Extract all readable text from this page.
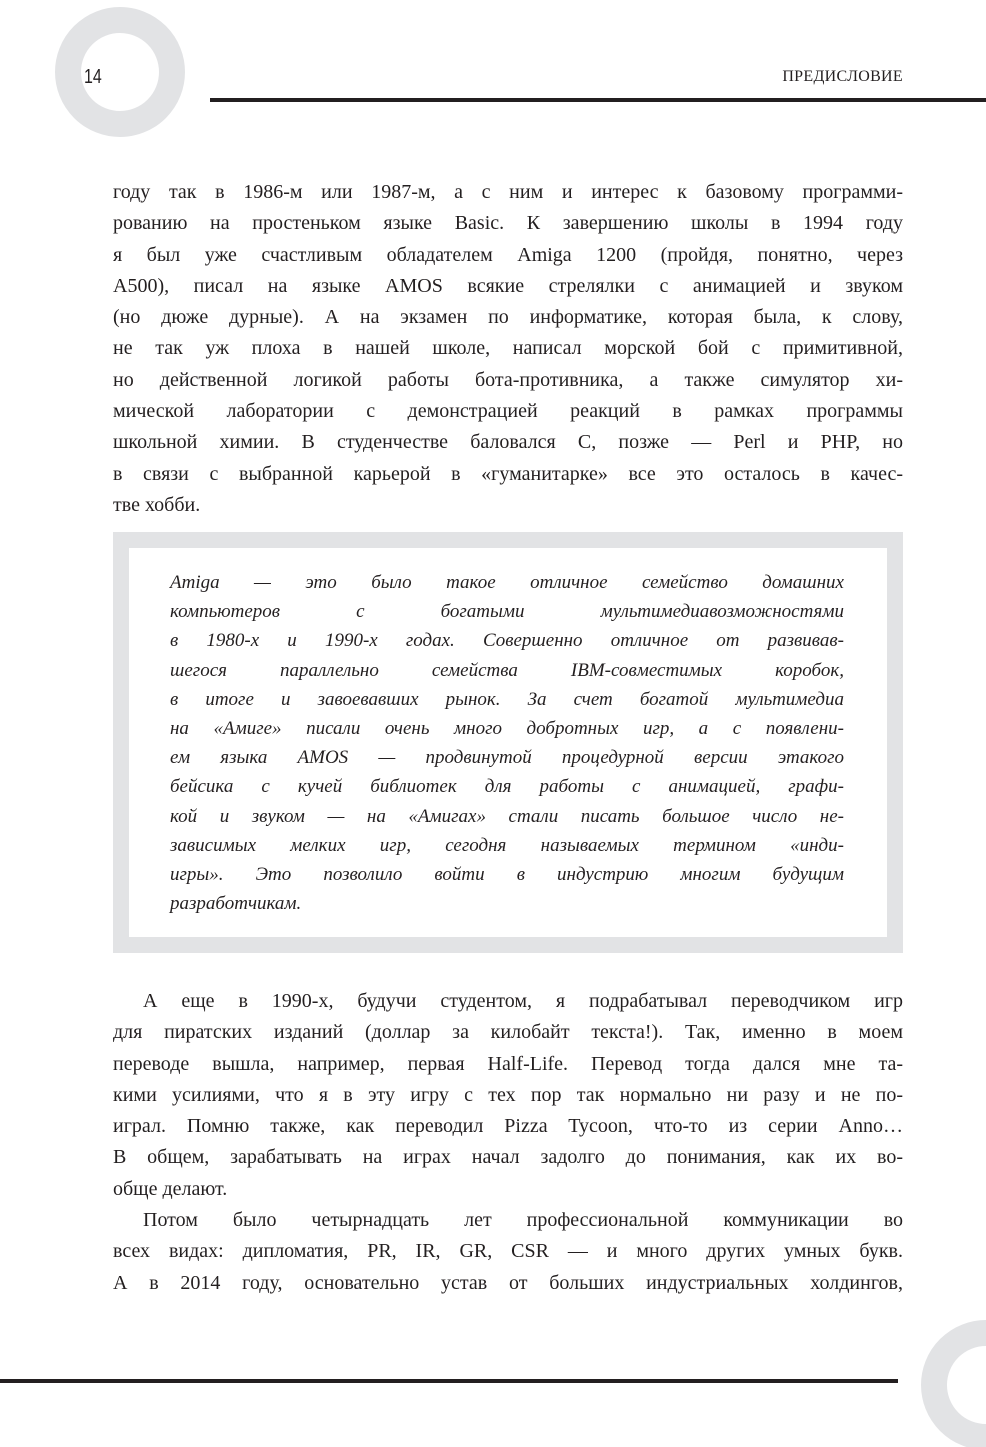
14	ПРЕДИСЛОВИЕ
году так в 1986-м или 1987-м, а с ним и интерес к базовому программи-
рованию на простеньком языке Basic. К завершению школы в 1994 году
я был уже счастливым обладателем Amiga 1200 (пройдя, понятно, через
A500), писал на языке AMOS всякие стрелялки с анимацией и звуком
(но дюже дурные). А на экзамен по информатике, которая была, к слову,
не так уж плоха в нашей школе, написал морской бой с примитивной,
но действенной логикой работы бота-противника, а также симулятор хи-
мической лаборатории с демонстрацией реакций в рамках программы
школьной химии. В студенчестве баловался C, позже — Perl и PHP, но
в связи с выбранной карьерой в «гуманитарке» все это осталось в качес-
тве хобби.
Amiga — это было такое отличное семейство домашних
компьютеров с богатыми мультимедиавозможностями
в 1980-х и 1990-х годах. Совершенно отличное от развивав-
шегося параллельно семейства IBM-совместимых коробок,
в итоге и завоевавших рынок. За счет богатой мультимедиа
на «Амиге» писали очень много добротных игр, а с появлени-
ем языка AMOS — продвинутой процедурной версии этакого
бейсика с кучей библиотек для работы с анимацией, графи-
кой и звуком — на «Амигах» стали писать большое число не-
зависимых мелких игр, сегодня называемых термином «инди-
игры». Это позволило войти в индустрию многим будущим
разработчикам.
А еще в 1990-х, будучи студентом, я подрабатывал переводчиком игр
для пиратских изданий (доллар за килобайт текста!). Так, именно в моем
переводе вышла, например, первая Half-Life. Перевод тогда дался мне та-
кими усилиями, что я в эту игру с тех пор так нормально ни разу и не по-
играл. Помню также, как переводил Pizza Tycoon, что-то из серии Anno…
В общем, зарабатывать на играх начал задолго до понимания, как их во-
обще делают.
Потом было четырнадцать лет профессиональной коммуникации во
всех видах: дипломатия, PR, IR, GR, CSR — и много других умных букв.
А в 2014 году, основательно устав от больших индустриальных холдингов,
